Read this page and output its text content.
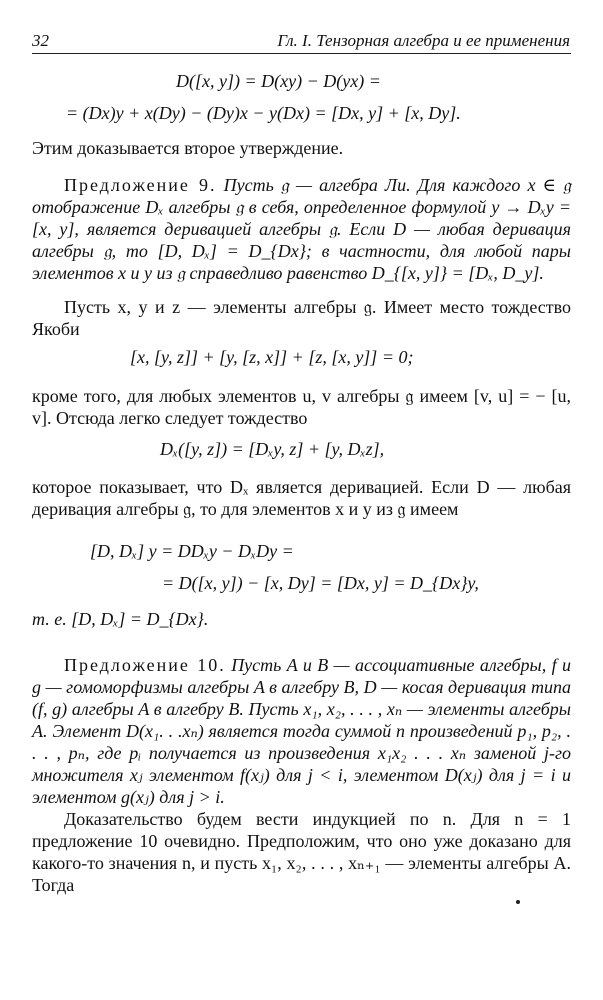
32	Гл. I. Тензорная алгебра и ее применения
D([x, y]) = D(xy) − D(yx) =
= (Dx)y + x(Dy) − (Dy)x − y(Dx) = [Dx, y] + [x, Dy].
Этим доказывается второе утверждение.
Предложение 9. Пусть 𝔤 — алгебра Ли. Для каждого x ∈ 𝔤 отображение Dₓ алгебры 𝔤 в себя, определенное формулой y → Dₓy = [x, y], является деривацией алгебры 𝔤. Если D — любая деривация алгебры 𝔤, то [D, Dₓ] = D_{Dx}; в частности, для любой пары элементов x и y из 𝔤 справедливо равенство D_{[x, y]} = [Dₓ, D_y].
Пусть x, y и z — элементы алгебры 𝔤. Имеет место тождество Якоби
[x, [y, z]] + [y, [z, x]] + [z, [x, y]] = 0;
кроме того, для любых элементов u, v алгебры 𝔤 имеем [v, u] = − [u, v]. Отсюда легко следует тождество
Dₓ([y, z]) = [Dₓy, z] + [y, Dₓz],
которое показывает, что Dₓ является деривацией. Если D — любая деривация алгебры 𝔤, то для элементов x и y из 𝔤 имеем
[D, Dₓ] y = DDₓy − DₓDy =
= D([x, y]) − [x, Dy] = [Dx, y] = D_{Dx}y,
т. е. [D, Dₓ] = D_{Dx}.
Предложение 10. Пусть A и B — ассоциативные алгебры, f и g — гомоморфизмы алгебры A в алгебру B, D — косая деривация типа (f, g) алгебры A в алгебру B. Пусть x₁, x₂, . . . , xₙ — элементы алгебры A. Элемент D(x₁. . .xₙ) является тогда суммой n произведений p₁, p₂, . . . , pₙ, где pᵢ получается из произведения x₁x₂ . . . xₙ заменой j-го множителя xⱼ элементом f(xⱼ) для j < i, элементом D(xⱼ) для j = i и элементом g(xⱼ) для j > i.
Доказательство будем вести индукцией по n. Для n = 1 предложение 10 очевидно. Предположим, что оно уже доказано для какого-то значения n, и пусть x₁, x₂, . . . , xₙ₊₁ — элементы алгебры A. Тогда
